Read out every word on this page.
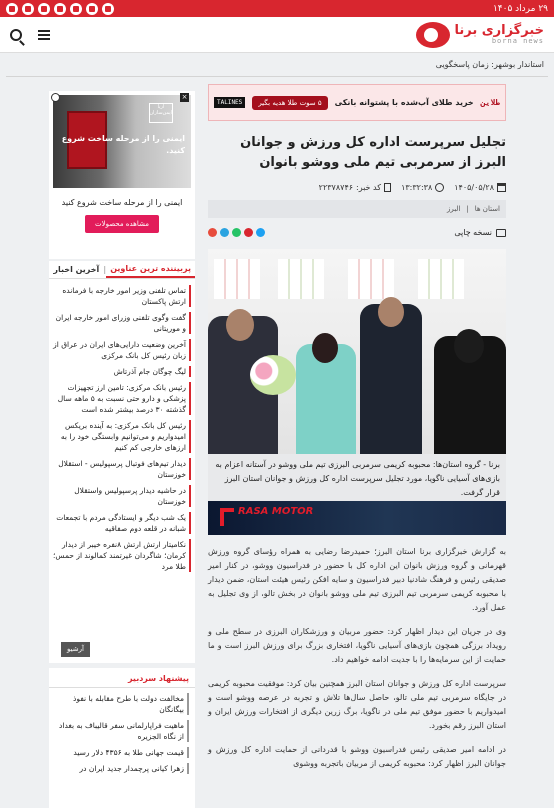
۲۹ مرداد ۱۴۰۵
خبرگزاری برنا
borna news
استاندار بوشهر: زمان پاسخگویی
TALINES	۵ سوت طلا هدیه بگیر	خرید طلای آب‌شده با پشتوانه بانکی طلاین
تجلیل سرپرست اداره کل ورزش و جوانان البرز از سرمربی تیم ملی ووشو بانوان
۱۴۰۵/۰۵/۲۸
۱۳:۳۲:۳۸
کد خبر:
۲۲۳۷۸۷۴۶
استان ها
|
البرز
نسخه چاپی
برنا - گروه استان‌ها: محبوبه کریمی سرمربی البرزی تیم ملی ووشو در آستانه اعزام به بازی‌های آسیایی ناگویا، مورد تجلیل سرپرست اداره کل ورزش و جوانان استان البرز قرار گرفت.
RASA MOTOR

به گزارش خبرگزاری برنا استان البرز؛ حمیدرضا رضایی به همراه رؤسای گروه ورزش قهرمانی و گروه ورزش بانوان این اداره کل با حضور در فدراسیون ووشو، در کنار امیر صدیقی رئیس و فرهنگ شادنیا دبیر فدراسیون و سایه افکن رئیس هیئت استان، ضمن دیدار با محبوبه کریمی سرمربی تیم البرزی تیم ملی ووشو بانوان در بخش تالو، از وی تجلیل به عمل آورد.

وی در جریان این دیدار اظهار کرد: حضور مربیان و ورزشکاران البرزی در سطح ملی و رویداد برزگی همچون بازی‌های آسیایی ناگویا، افتخاری بزرگ برای ورزش البرز است و ما حمایت از این سرمایه‌ها را با جدیت ادامه خواهیم داد.

سرپرست اداره کل ورزش و جوانان استان البرز همچنین بیان کرد: موفقیت محبوبه کریمی در جایگاه سرمربی تیم ملی تالو، حاصل سال‌ها تلاش و تجربه در عرصه ووشو است و امیدواریم با حضور موفق تیم ملی در ناگویا، برگ زرین دیگری از افتخارات ورزش ایران و استان البرز رقم بخورد.

در ادامه امیر صدیقی رئیس فدراسیون ووشو با قدردانی از حمایت اداره کل ورزش و جوانان البرز اظهار کرد: محبوبه کریمی از مربیان باتجربه ووشوی

آریا ایمن‌سازان
ایمنی را از مرحله ساخت شروع کنید.
×
ایمنی را از مرحله ساخت شروع کنید
مشاهده محصولات
پربیننده ترین عناوین
|
آخرین اخبار
تماس تلفنی وزیر امور خارجه با فرمانده ارتش پاکستان
گفت وگوی تلفنی وزرای امور خارجه ایران و موریتانی
آخرین وضعیت دارایی‌های ایران در عراق از زبان رئیس کل بانک مرکزی
لیگ چوگان جام آذرتاش
رئیس بانک مرکزی: تامین ارز تجهیزات پزشکی و دارو حتی نسبت به ۵ ماهه سال گذشته ۳۰ درصد بیشتر شده است
رئیس کل بانک مرکزی: به آینده بریکس امیدواریم و می‌توانیم وابستگی خود را به ارزهای خارجی کم کنیم
دیدار تیم‌های فوتبال پرسپولیس - استقلال خوزستان
در حاشیه دیدار پرسپولیس واستقلال خوزستان
یک شب دیگر و ایستادگی مردم با تجمعات شبانه در قلعه دوم صفاقیه
نکامیتار ارتش ارتش ۸نفره خیبر از دیدار کرمان؛ شاگردان غیرتمند کمالوند از حمس؛ طلا مرد
آرشیو
پیشنهاد سردبیر
مخالفت دولت با طرح مقابله با نفوذ بیگانگان
ماهیت فراپارلمانی سفر قالیباف به بغداد از نگاه الجزیره
قیمت جهانی طلا به ۴۳۵۶ دلار رسید
زهرا کیانی پرچمدار جدید ایران در
